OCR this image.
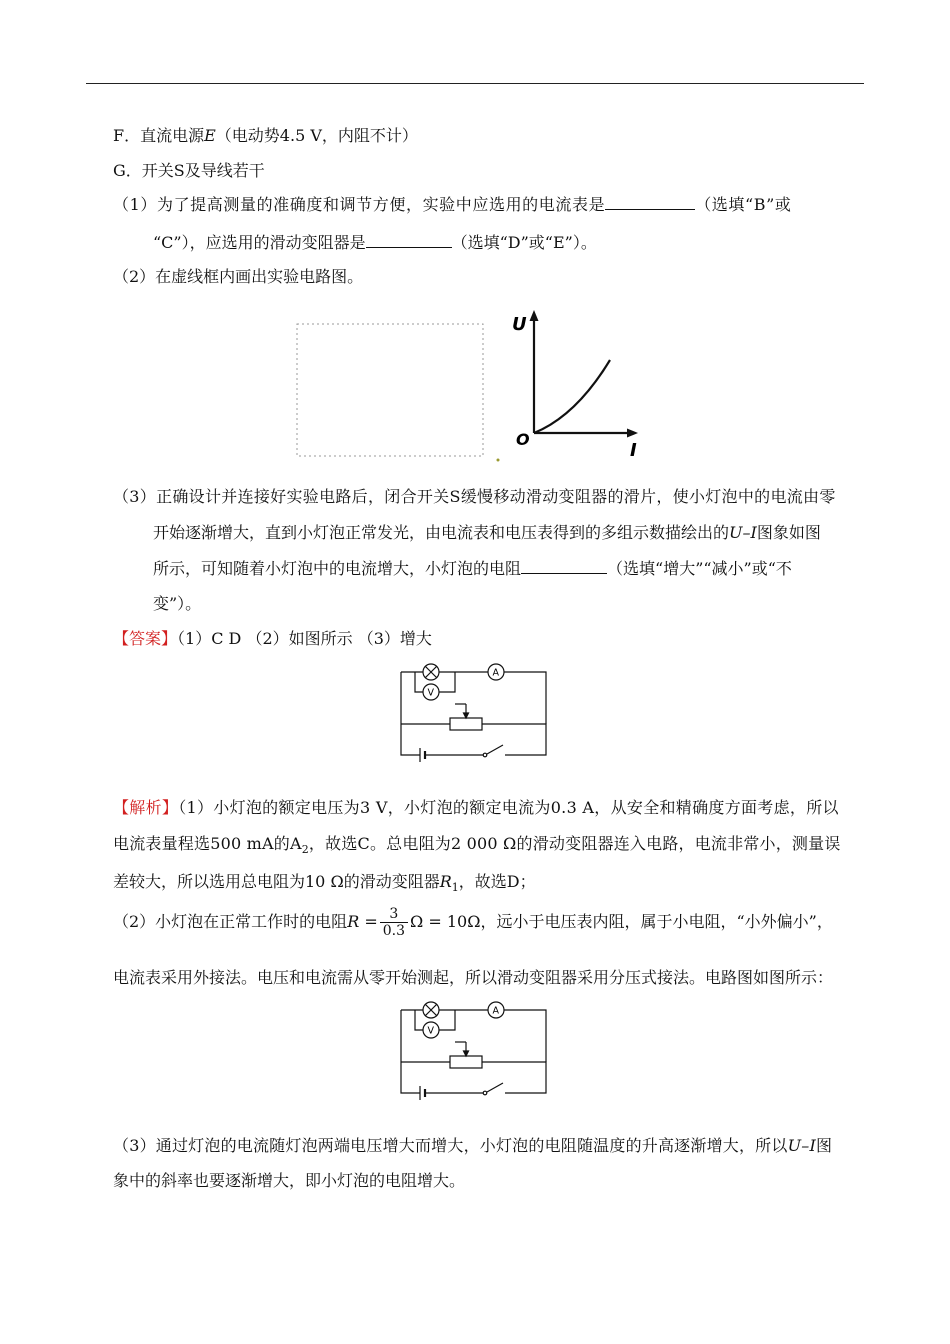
F．直流电源E（电动势4.5 V，内阻不计）
G．开关S及导线若干
（1）为了提高测量的准确度和调节方便，实验中应选用的电流表是	（选填“B”或
“C”），应选用的滑动变阻器是	（选填“D”或“E”）。
（2）在虚线框内画出实验电路图。
U
I
O
（3）正确设计并连接好实验电路后，闭合开关S缓慢移动滑动变阻器的滑片，使小灯泡中的电流由零
开始逐渐增大，直到小灯泡正常发光，由电流表和电压表得到的多组示数描绘出的U–I图象如图
所示，可知随着小灯泡中的电流增大，小灯泡的电阻	（选填“增大”“减小”或“不
变”）。
【答案】（1）C D （2）如图所示 （3）增大
A
V
【解析】（1）小灯泡的额定电压为3 V，小灯泡的额定电流为0.3 A，从安全和精确度方面考虑，所以
电流表量程选500 mA的$A_2$，故选C。总电阻为2 000 Ω的滑动变阻器连入电路，电流非常小，测量误
差较大，所以选用总电阻为10 Ω的滑动变阻器$R_1$，故选D；
（2）小灯泡在正常工作时的电阻$R = \frac{3}{0.3}$ Ω = 10Ω，远小于电压表内阻，属于小电阻，“小外偏小”，
电流表采用外接法。电压和电流需从零开始测起，所以滑动变阻器采用分压式接法。电路图如图所示：
A
V
（3）通过灯泡的电流随灯泡两端电压增大而增大，小灯泡的电阻随温度的升高逐渐增大，所以U–I图
象中的斜率也要逐渐增大，即小灯泡的电阻增大。
